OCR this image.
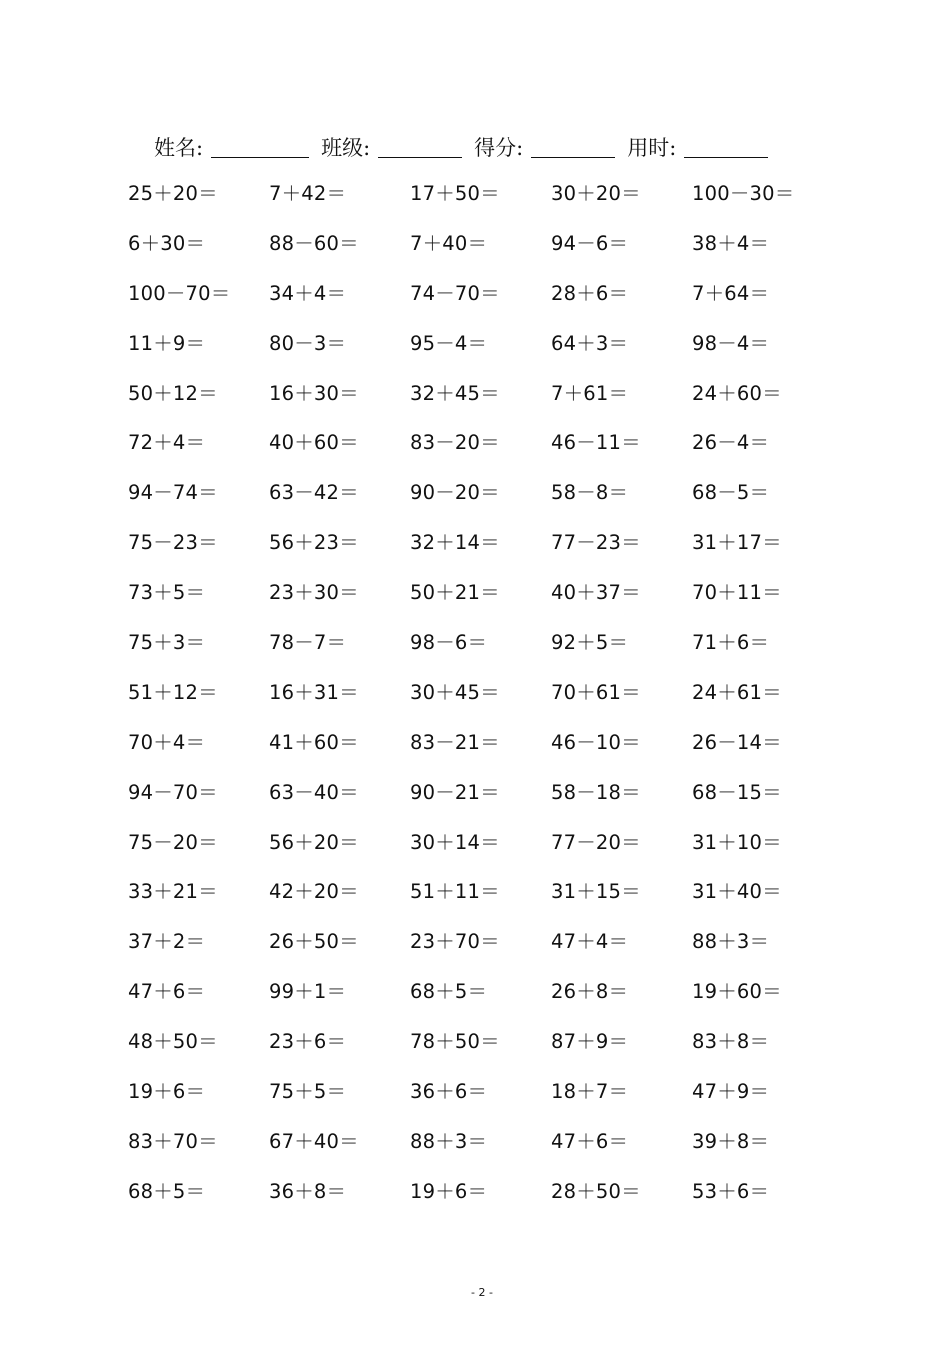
姓名:	班级:	得分:	用时:
25＋20＝	7＋42＝	17＋50＝	30＋20＝	100－30＝
6＋30＝	88－60＝	7＋40＝	94－6＝	38＋4＝
100－70＝	34＋4＝	74－70＝	28＋6＝	7＋64＝
11＋9＝	80－3＝	95－4＝	64＋3＝	98－4＝
50＋12＝	16＋30＝	32＋45＝	7＋61＝	24＋60＝
72＋4＝	40＋60＝	83－20＝	46－11＝	26－4＝
94－74＝	63－42＝	90－20＝	58－8＝	68－5＝
75－23＝	56＋23＝	32＋14＝	77－23＝	31＋17＝
73＋5＝	23＋30＝	50＋21＝	40＋37＝	70＋11＝
75＋3＝	78－7＝	98－6＝	92＋5＝	71＋6＝
51＋12＝	16＋31＝	30＋45＝	70＋61＝	24＋61＝
70＋4＝	41＋60＝	83－21＝	46－10＝	26－14＝
94－70＝	63－40＝	90－21＝	58－18＝	68－15＝
75－20＝	56＋20＝	30＋14＝	77－20＝	31＋10＝
33＋21＝	42＋20＝	51＋11＝	31＋15＝	31＋40＝
37＋2＝	26＋50＝	23＋70＝	47＋4＝	88＋3＝
47＋6＝	99＋1＝	68＋5＝	26＋8＝	19＋60＝
48＋50＝	23＋6＝	78＋50＝	87＋9＝	83＋8＝
19＋6＝	75＋5＝	36＋6＝	18＋7＝	47＋9＝
83＋70＝	67＋40＝	88＋3＝	47＋6＝	39＋8＝
68＋5＝	36＋8＝	19＋6＝	28＋50＝	53＋6＝
- 2 -
